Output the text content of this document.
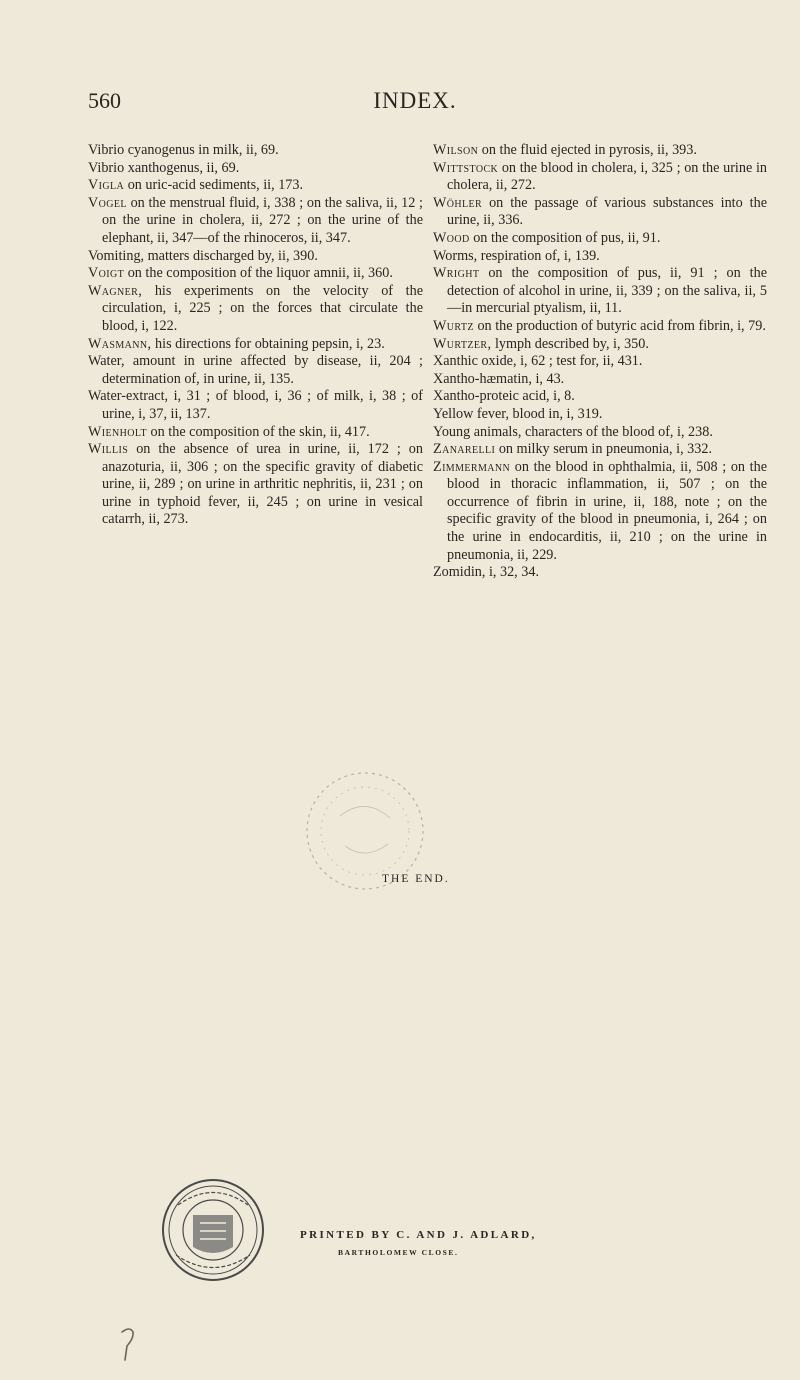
560	INDEX.

Vibrio cyanogenus in milk, ii, 69.

Vibrio xanthogenus, ii, 69.

Vigla on uric-acid sediments, ii, 173.

Vogel on the menstrual fluid, i, 338 ; on the saliva, ii, 12 ; on the urine in cholera, ii, 272 ; on the urine of the elephant, ii, 347—of the rhinoceros, ii, 347.

Vomiting, matters discharged by, ii, 390.

Voigt on the composition of the liquor amnii, ii, 360.

Wagner, his experiments on the velocity of the circulation, i, 225 ; on the forces that circulate the blood, i, 122.

Wasmann, his directions for obtaining pepsin, i, 23.

Water, amount in urine affected by disease, ii, 204 ; determination of, in urine, ii, 135.

Water-extract, i, 31 ; of blood, i, 36 ; of milk, i, 38 ; of urine, i, 37, ii, 137.

Wienholt on the composition of the skin, ii, 417.

Willis on the absence of urea in urine, ii, 172 ; on anazoturia, ii, 306 ; on the specific gravity of diabetic urine, ii, 289 ; on urine in arthritic nephritis, ii, 231 ; on urine in typhoid fever, ii, 245 ; on urine in vesical catarrh, ii, 273.

Wilson on the fluid ejected in pyrosis, ii, 393.

Wittstock on the blood in cholera, i, 325 ; on the urine in cholera, ii, 272.

Wöhler on the passage of various substances into the urine, ii, 336.

Wood on the composition of pus, ii, 91.

Worms, respiration of, i, 139.

Wright on the composition of pus, ii, 91 ; on the detection of alcohol in urine, ii, 339 ; on the saliva, ii, 5—in mercurial ptyalism, ii, 11.

Wurtz on the production of butyric acid from fibrin, i, 79.

Wurtzer, lymph described by, i, 350.

Xanthic oxide, i, 62 ; test for, ii, 431.

Xantho-hæmatin, i, 43.

Xantho-proteic acid, i, 8.

Yellow fever, blood in, i, 319.

Young animals, characters of the blood of, i, 238.

Zanarelli on milky serum in pneumonia, i, 332.

Zimmermann on the blood in ophthalmia, ii, 508 ; on the blood in thoracic inflammation, ii, 507 ; on the occurrence of fibrin in urine, ii, 188, note ; on the specific gravity of the blood in pneumonia, i, 264 ; on the urine in endocarditis, ii, 210 ; on the urine in pneumonia, ii, 229.

Zomidin, i, 32, 34.

THE END.
PRINTED BY C. AND J. ADLARD,
BARTHOLOMEW CLOSE.
